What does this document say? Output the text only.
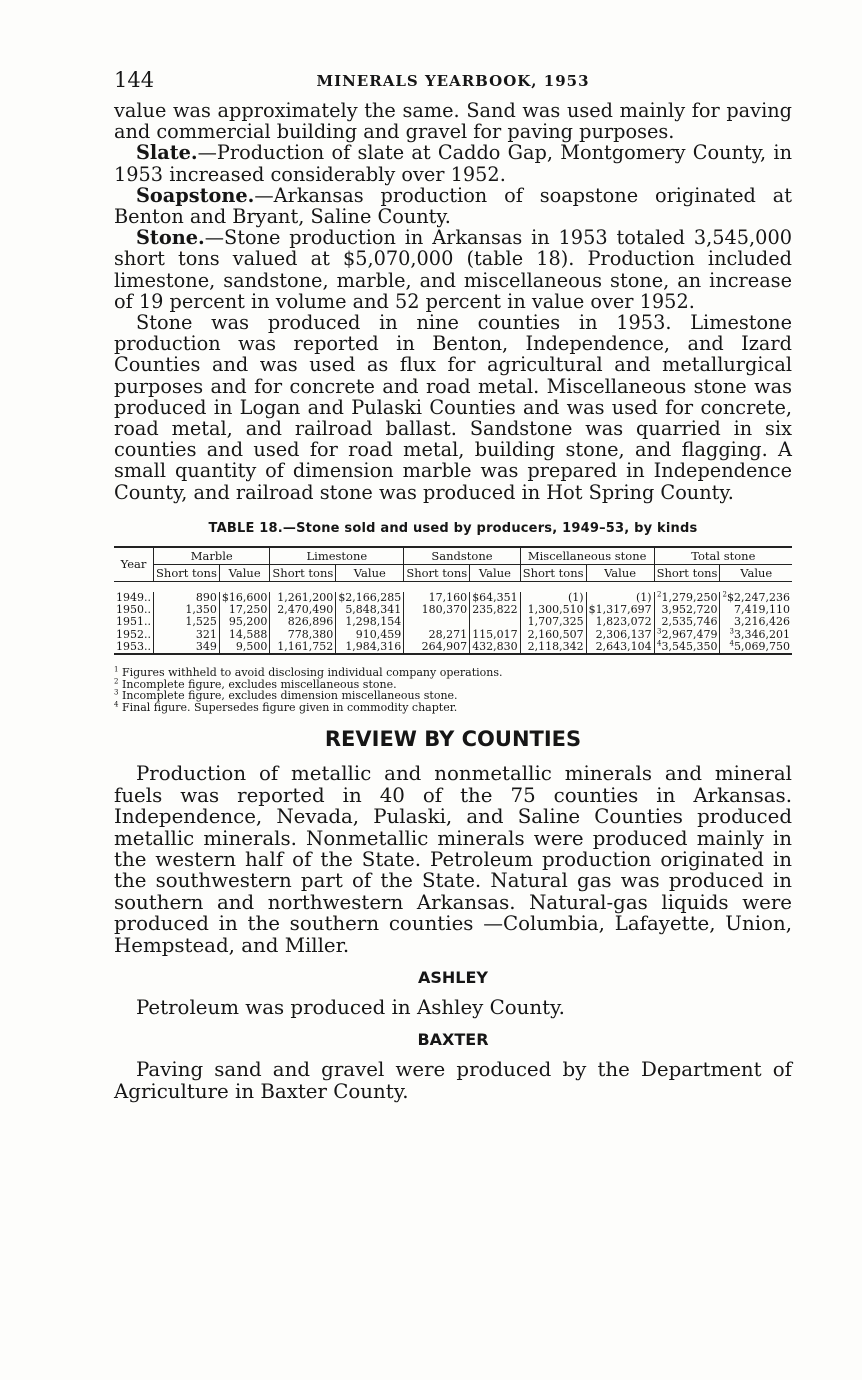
144	MINERALS YEARBOOK, 1953

value was approximately the same. Sand was used mainly for paving and commercial building and gravel for paving purposes.

Slate.—Production of slate at Caddo Gap, Montgomery County, in 1953 increased considerably over 1952.

Soapstone.—Arkansas production of soapstone originated at Benton and Bryant, Saline County.

Stone.—Stone production in Arkansas in 1953 totaled 3,545,000 short tons valued at $5,070,000 (table 18). Production included limestone, sandstone, marble, and miscellaneous stone, an increase of 19 percent in volume and 52 percent in value over 1952.

Stone was produced in nine counties in 1953. Limestone production was reported in Benton, Independence, and Izard Counties and was used as flux for agricultural and metallurgical purposes and for concrete and road metal. Miscellaneous stone was produced in Logan and Pulaski Counties and was used for concrete, road metal, and railroad ballast. Sandstone was quarried in six counties and used for road metal, building stone, and flagging. A small quantity of dimension marble was prepared in Independence County, and railroad stone was produced in Hot Spring County.

TABLE 18.—Stone sold and used by producers, 1949–53, by kinds
Year	Marble		Limestone		Sandstone		Miscellaneous stone		Total stone	
	Short tons	Value	Short tons	Value	Short tons	Value	Short tons	Value	Short tons	Value

1949..	890	$16,600	1,261,200	$2,166,285	17,160	$64,351	(1)	(1)	$^2$1,279,250	$^2$\$2,247,236
1950..	1,350	17,250	2,470,490	5,848,341	180,370	235,822	1,300,510	$1,317,697	3,952,720	7,419,110
1951..	1,525	95,200	826,896	1,298,154			1,707,325	1,823,072	2,535,746	3,216,426
1952..	321	14,588	778,380	910,459	28,271	115,017	2,160,507	2,306,137	$^3$2,967,479	$^3$3,346,201
1953..	349	9,500	1,161,752	1,984,316	264,907	432,830	2,118,342	2,643,104	$^4$3,545,350	$^4$5,069,750
$^1$ Figures withheld to avoid disclosing individual company operations.
$^2$ Incomplete figure, excludes miscellaneous stone.
$^3$ Incomplete figure, excludes dimension miscellaneous stone.
$^4$ Final figure. Supersedes figure given in commodity chapter.
REVIEW BY COUNTIES

Production of metallic and nonmetallic minerals and mineral fuels was reported in 40 of the 75 counties in Arkansas. Independence, Nevada, Pulaski, and Saline Counties produced metallic minerals. Nonmetallic minerals were produced mainly in the western half of the State. Petroleum production originated in the southwestern part of the State. Natural gas was produced in southern and northwestern Arkansas. Natural-gas liquids were produced in the southern counties —Columbia, Lafayette, Union, Hempstead, and Miller.

ASHLEY

Petroleum was produced in Ashley County.

BAXTER

Paving sand and gravel were produced by the Department of Agriculture in Baxter County.
